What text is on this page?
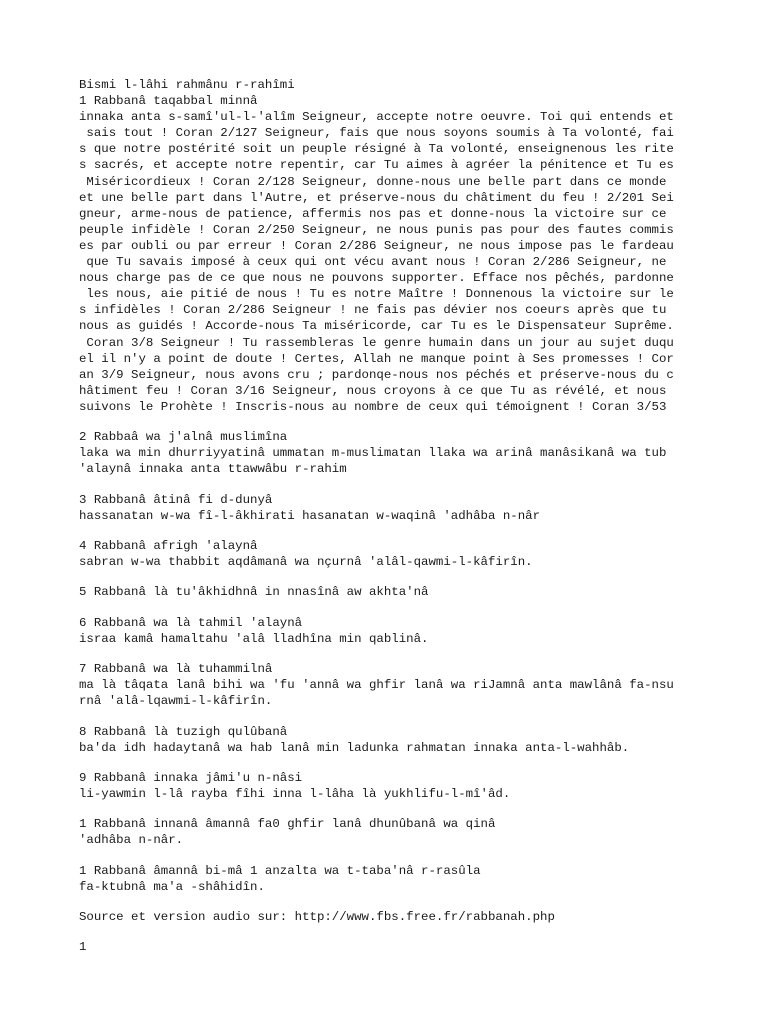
Bismi l-lâhi rahmânu r-rahîmi
1 Rabbanâ taqabbal minnâ
innaka anta s-samî'ul-l-'alîm Seigneur, accepte notre oeuvre. Toi qui entends et
sais tout ! Coran 2/127 Seigneur, fais que nous soyons soumis à Ta volonté, fai
s que notre postérité soit un peuple résigné à Ta volonté, enseignenous les rite
s sacrés, et accepte notre repentir, car Tu aimes à agréer la pénitence et Tu es
Miséricordieux ! Coran 2/128 Seigneur, donne-nous une belle part dans ce monde
et une belle part dans l'Autre, et préserve-nous du châtiment du feu ! 2/201 Sei
gneur, arme-nous de patience, affermis nos pas et donne-nous la victoire sur ce
peuple infidèle ! Coran 2/250 Seigneur, ne nous punis pas pour des fautes commis
es par oubli ou par erreur ! Coran 2/286 Seigneur, ne nous impose pas le fardeau
que Tu savais imposé à ceux qui ont vécu avant nous ! Coran 2/286 Seigneur, ne
nous charge pas de ce que nous ne pouvons supporter. Efface nos pêchés, pardonne
les nous, aie pitié de nous ! Tu es notre Maître ! Donnenous la victoire sur le
s infidèles ! Coran 2/286 Seigneur ! ne fais pas dévier nos coeurs après que tu
nous as guidés ! Accorde-nous Ta miséricorde, car Tu es le Dispensateur Suprême.
Coran 3/8 Seigneur ! Tu rassembleras le genre humain dans un jour au sujet duqu
el il n'y a point de doute ! Certes, Allah ne manque point à Ses promesses ! Cor
an 3/9 Seigneur, nous avons cru ; pardonqe-nous nos péchés et préserve-nous du c
hâtiment feu ! Coran 3/16 Seigneur, nous croyons à ce que Tu as révélé, et nous
suivons le Prohète ! Inscris-nous au nombre de ceux qui témoignent ! Coran 3/53
2 Rabbaâ wa j'alnâ muslimîna
laka wa min dhurriyyatinâ ummatan m-muslimatan llaka wa arinâ manâsikanâ wa tub
'alaynâ innaka anta ttawwâbu r-rahim
3 Rabbanâ âtinâ fi d-dunyâ
hassanatan w-wa fî-l-âkhirati hasanatan w-waqinâ 'adhâba n-nâr
4 Rabbanâ afrigh 'alaynâ
sabran w-wa thabbit aqdâmanâ wa nçurnâ 'alâl-qawmi-l-kâfirîn.
5 Rabbanâ là tu'âkhidhnâ in nnasînâ aw akhta'nâ
6 Rabbanâ wa là tahmil 'alaynâ
israa kamâ hamaltahu 'alâ lladhîna min qablinâ.
7 Rabbanâ wa là tuhammilnâ
ma là tâqata lanâ bihi wa 'fu 'annâ wa ghfir lanâ wa riJamnâ anta mawlânâ fa-nsu
rnâ 'alâ-lqawmi-l-kâfirîn.
8 Rabbanâ là tuzigh qulûbanâ
ba'da idh hadaytanâ wa hab lanâ min ladunka rahmatan innaka anta-l-wahhâb.
9 Rabbanâ innaka jâmi'u n-nâsi
li-yawmin l-lâ rayba fîhi inna l-lâha là yukhlifu-l-mî'âd.
1 Rabbanâ innanâ âmannâ fa0 ghfir lanâ dhunûbanâ wa qinâ
'adhâba n-nâr.
1 Rabbanâ âmannâ bi-mâ 1 anzalta wa t-taba'nâ r-rasûla
fa-ktubnâ ma'a -shâhidîn.
Source et version audio sur: http://www.fbs.free.fr/rabbanah.php
1
